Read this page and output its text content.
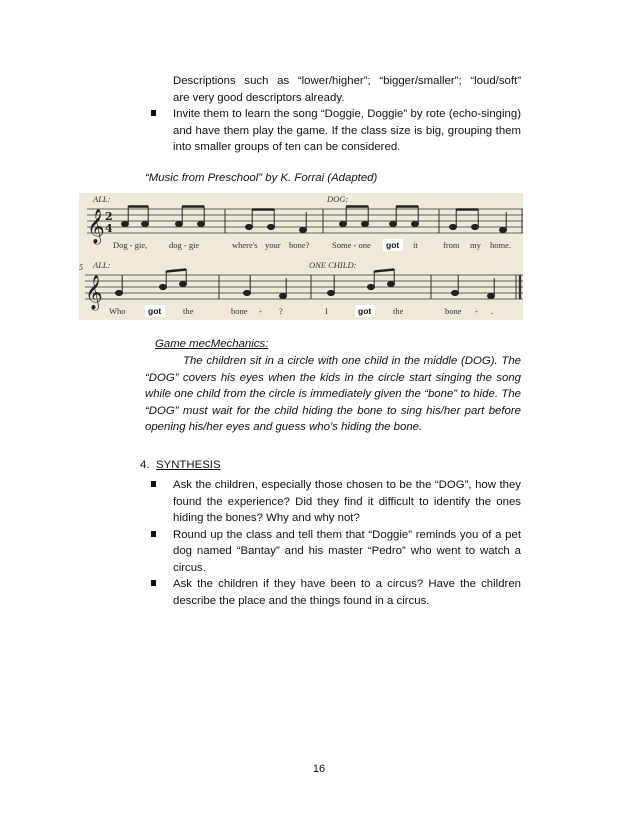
Descriptions such as “lower/higher”; “bigger/smaller”; “loud/soft”
are very good descriptors already.
Invite them to learn the song “Doggie, Doggie” by rote (echo-singing) and have them play the game. If the class size is big, grouping them into smaller groups of ten can be considered.
“Music from Preschool” by K. Forrai (Adapted)
𝄞 2
4
ALL:	DOG:
Dog - gie,	dog - gie	where's your bone?	Some - one got it	from my home.
𝄞
5 ALL:	ONE CHILD:
Who	got	the	bone - ?	I	got	the	bone - .
Game mecMechanics:
The children sit in a circle with one child in the middle (DOG). The “DOG” covers his eyes when the kids in the circle start singing the song while one child from the circle is immediately given the “bone” to hide. The “DOG” must wait for the child hiding the bone to sing his/her part before opening his/her eyes and guess who’s hiding the bone.
4. SYNTHESIS
Ask the children, especially those chosen to be the “DOG”, how they found the experience? Did they find it difficult to identify the ones hiding the bones? Why and why not?
Round up the class and tell them that “Doggie” reminds you of a pet dog named “Bantay” and his master “Pedro” who went to watch a circus.
Ask the children if they have been to a circus? Have the children describe the place and the things found in a circus.
16
